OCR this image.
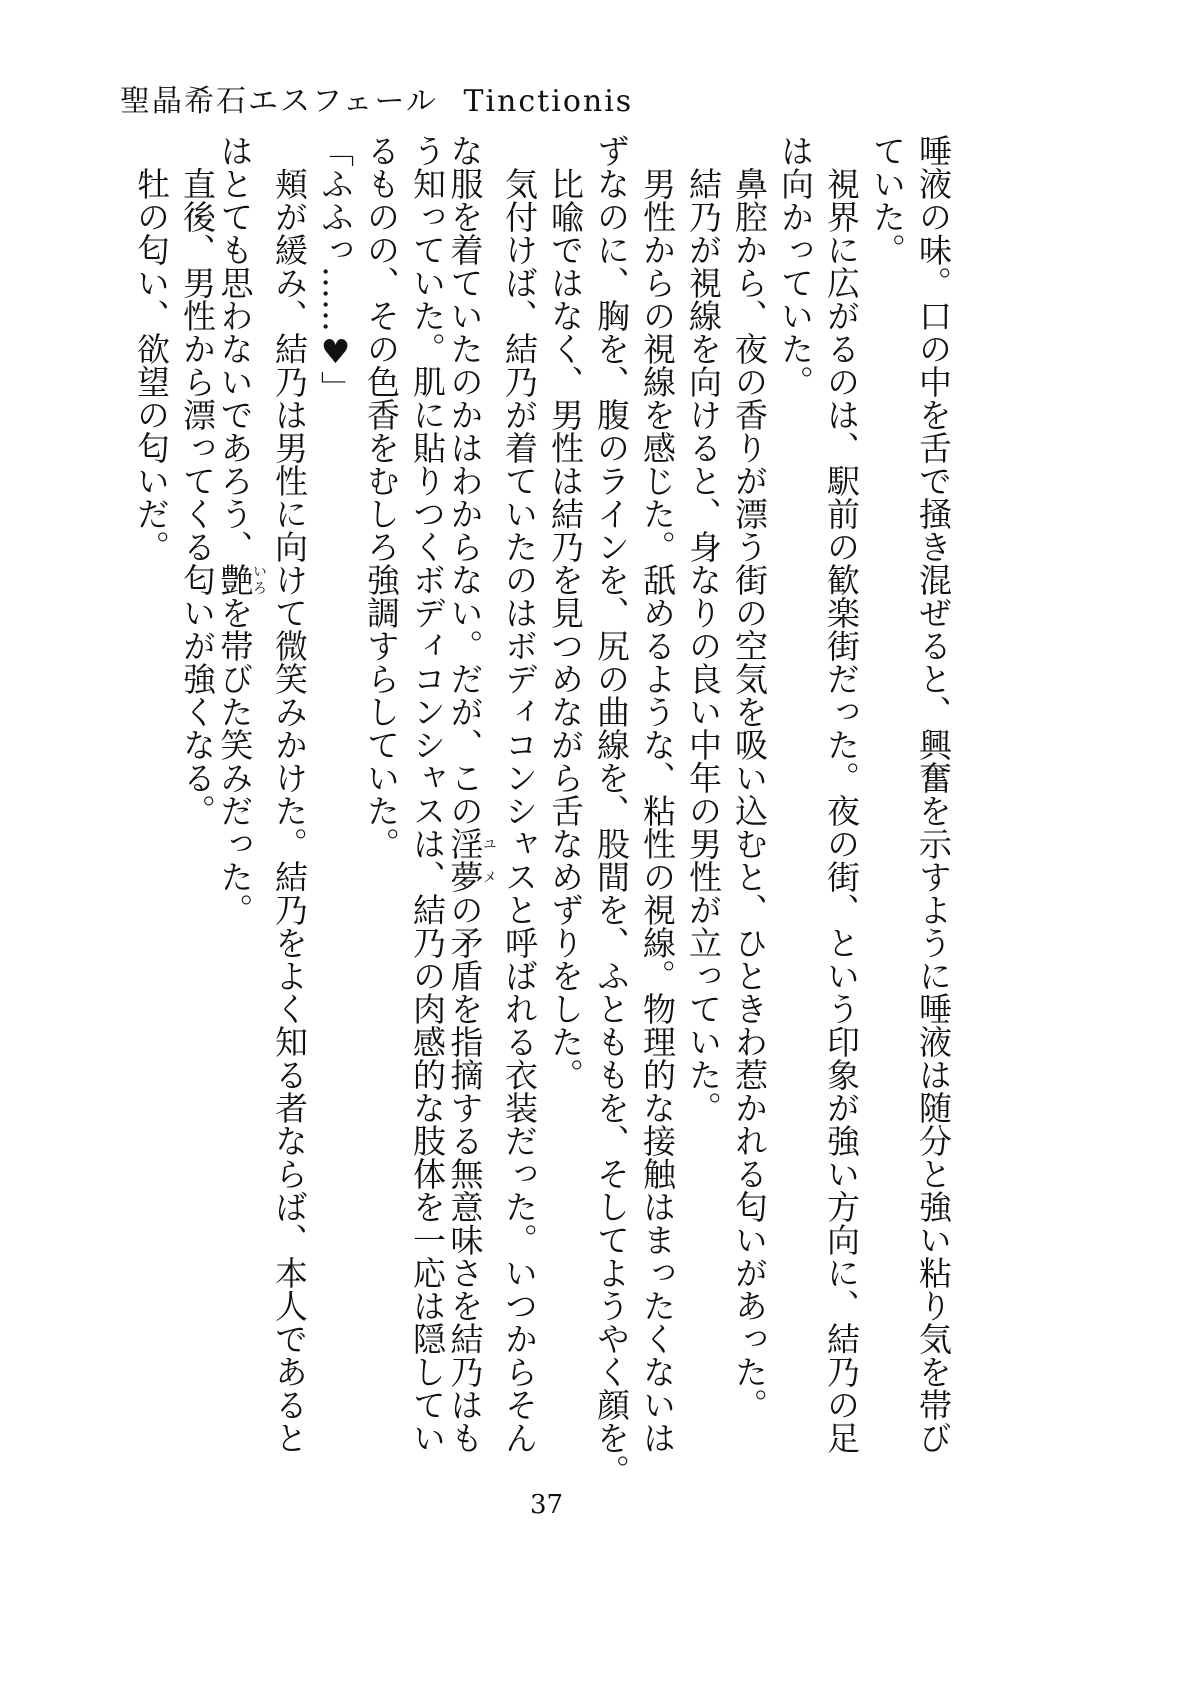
聖晶希石エスフェール Tinctionis
唾液の味。口の中を舌で掻き混ぜると、興奮を示すように唾液は随分と強い粘り気を帯び
ていた。
　視界に広がるのは、駅前の歓楽街だった。夜の街、という印象が強い方向に、結乃の足
は向かっていた。
　鼻腔から、夜の香りが漂う街の空気を吸い込むと、ひときわ惹かれる匂いがあった。
　結乃が視線を向けると、身なりの良い中年の男性が立っていた。
　男性からの視線を感じた。舐めるような、粘性の視線。物理的な接触はまったくないは
ずなのに、胸を、腹のラインを、尻の曲線を、股間を、ふとももを、そしてようやく顔を。
　比喩ではなく、男性は結乃を見つめながら舌なめずりをした。
　気付けば、結乃が着ていたのはボディコンシャスと呼ばれる衣装だった。いつからそん
な服を着ていたのかはわからない。だが、この淫夢ユメの矛盾を指摘する無意味さを結乃はも
う知っていた。肌に貼りつくボディコンシャスは、結乃の肉感的な肢体を一応は隠してい
るものの、その色香をむしろ強調すらしていた。
「ふふっ……♥」
　頬が緩み、結乃は男性に向けて微笑みかけた。結乃をよく知る者ならば、本人であると
はとても思わないであろう、艶いろを帯びた笑みだった。
　直後、男性から漂ってくる匂いが強くなる。
　牡の匂い、欲望の匂いだ。
37
